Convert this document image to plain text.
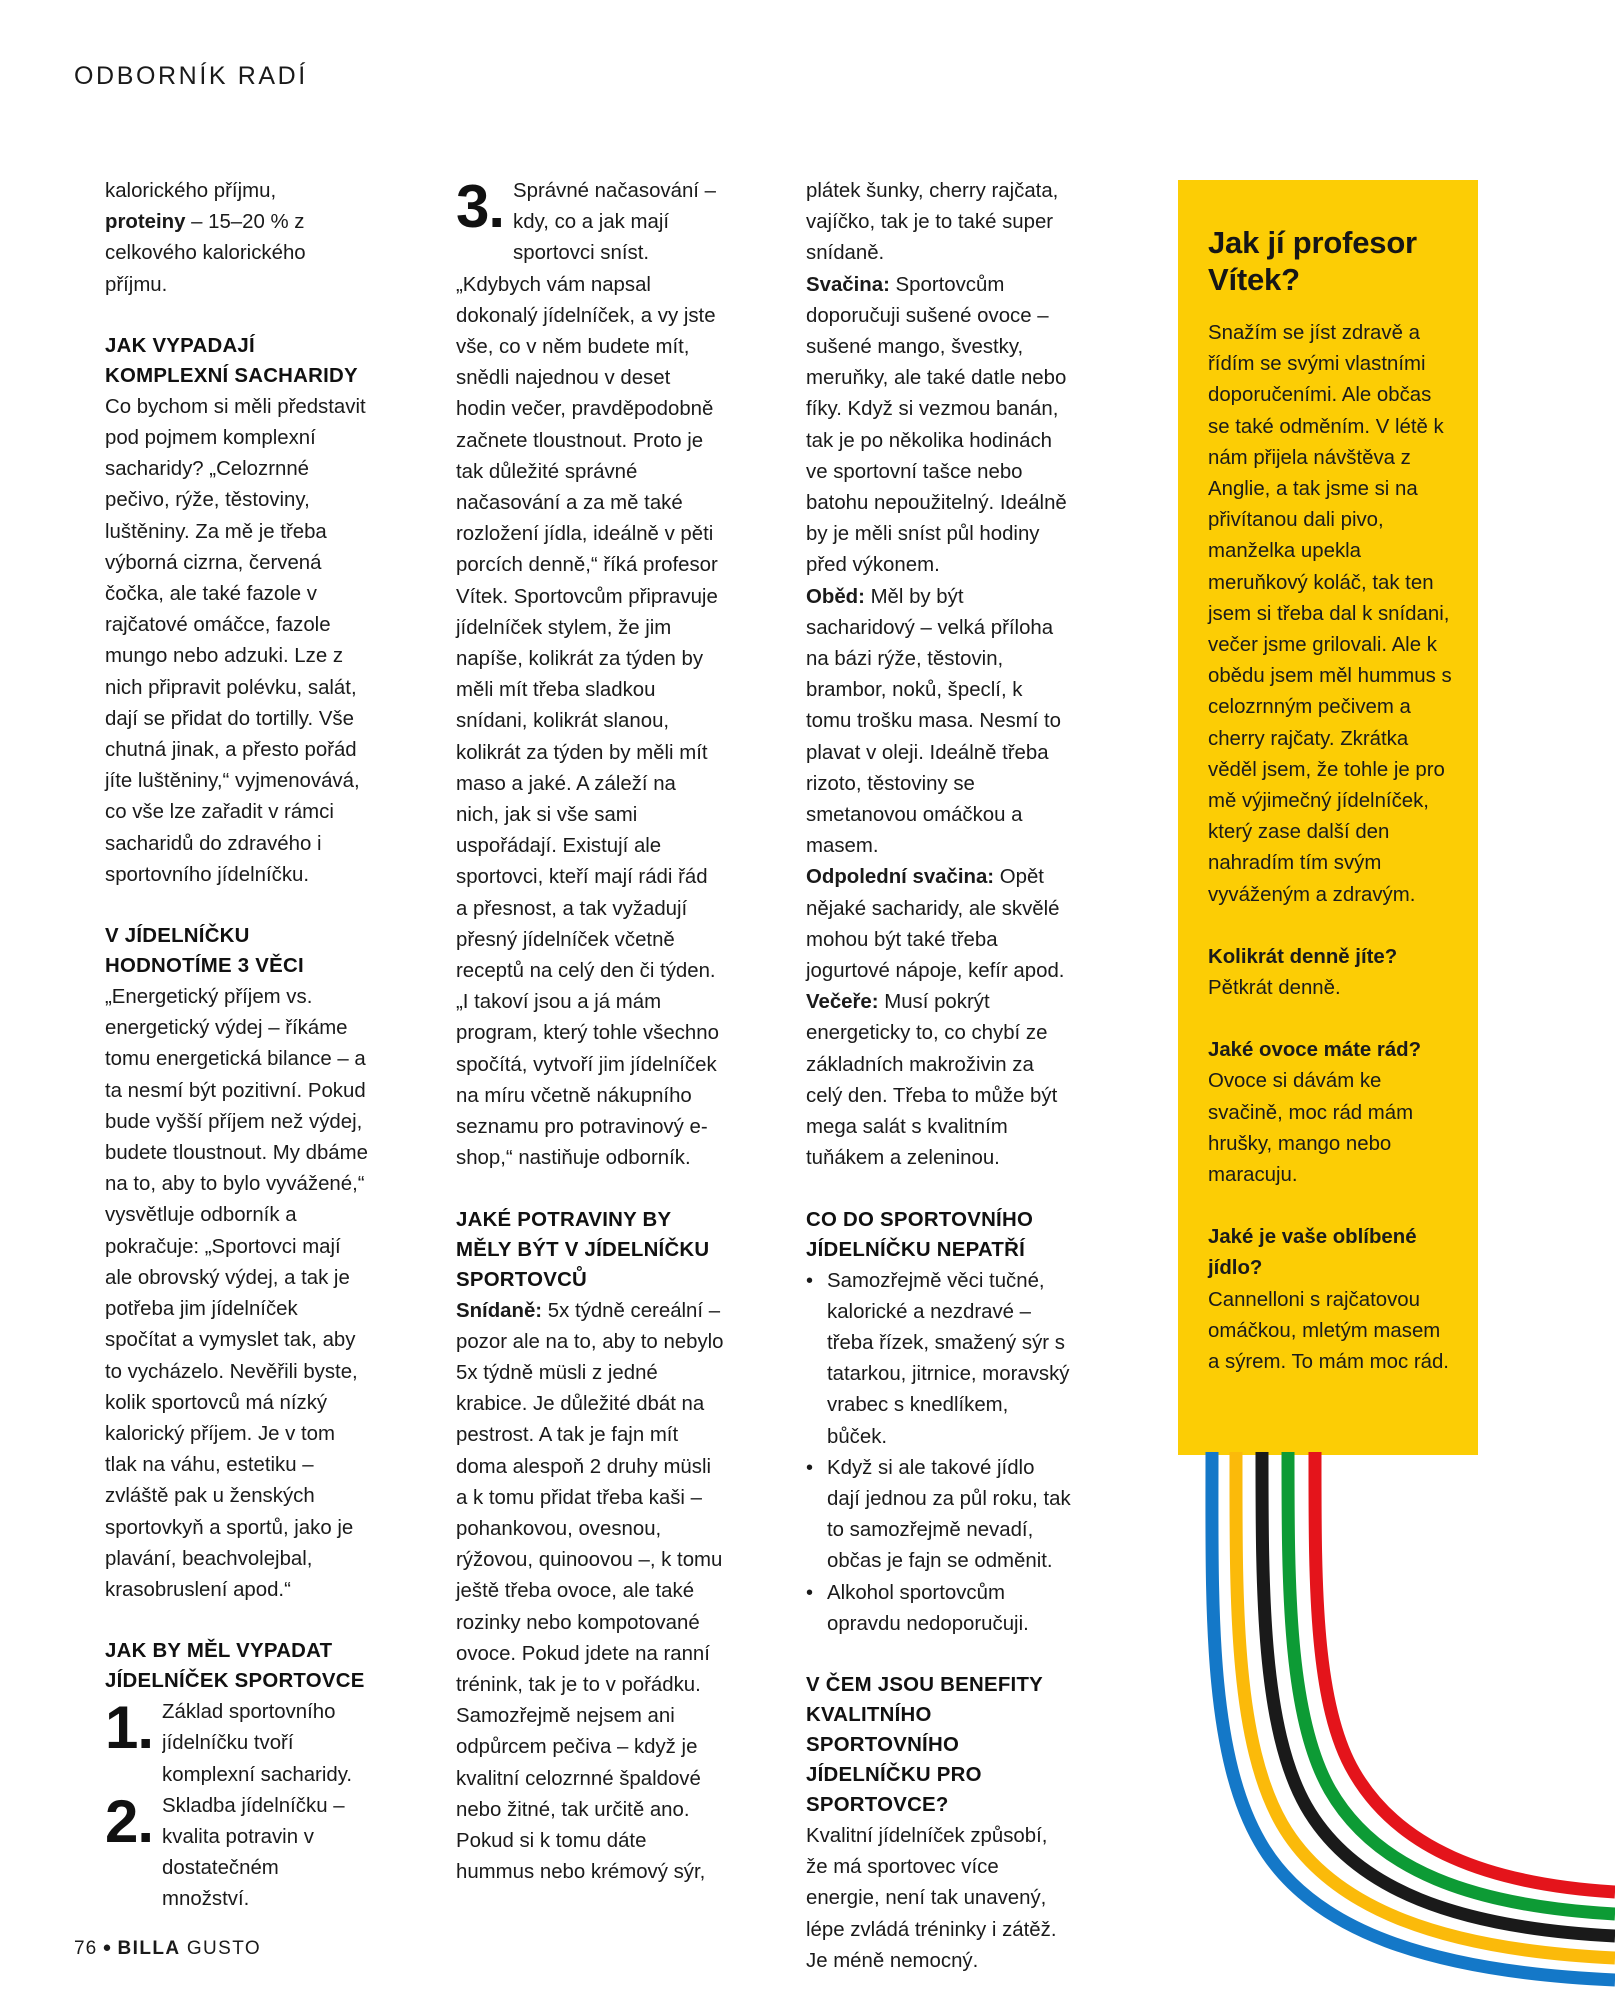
ODBORNÍK RADÍ

kalorického příjmu,
proteiny – 15–20 % z celkového kalorického příjmu.

JAK VYPADAJÍ
KOMPLEXNÍ SACHARIDY

Co bychom si měli představit pod pojmem komplexní sacharidy? „Celozrnné pečivo, rýže, těstoviny, luštěniny. Za mě je třeba výborná cizrna, červená čočka, ale také fazole v rajčatové omáčce, fazole mungo nebo adzuki. Lze z nich připravit polévku, salát, dají se přidat do tortilly. Vše chutná jinak, a přesto pořád jíte luštěniny,“ vyjmenovává, co vše lze zařadit v rámci sacharidů do zdravého i sportovního jídelníčku.

V JÍDELNÍČKU
HODNOTÍME 3 VĚCI

„Energetický příjem vs. energetický výdej – říkáme tomu energetická bilance – a ta nesmí být pozitivní. Pokud bude vyšší příjem než výdej, budete tloustnout. My dbáme na to, aby to bylo vyvážené,“ vysvětluje odborník a pokračuje: „Sportovci mají ale obrovský výdej, a tak je potřeba jim jídelníček spočítat a vymyslet tak, aby to vycházelo. Nevěřili byste, kolik sportovců má nízký kalorický příjem. Je v tom tlak na váhu, estetiku – zvláště pak u ženských sportovkyň a sportů, jako je plavání, beachvolejbal, krasobruslení apod.“

JAK BY MĚL VYPADAT
JÍDELNÍČEK SPORTOVCE
1. Základ sportovního jídelníčku tvoří komplexní sacharidy.

2. Skladba jídelníčku – kvalita potravin v dostatečném množství.

3. Správné načasování – kdy, co a jak mají sportovci sníst.

„Kdybych vám napsal dokonalý jídelníček, a vy jste vše, co v něm budete mít, snědli najednou v deset hodin večer, pravděpodobně začnete tloustnout. Proto je tak důležité správné načasování a za mě také rozložení jídla, ideálně v pěti porcích denně,“ říká profesor Vítek. Sportovcům připravuje jídelníček stylem, že jim napíše, kolikrát za týden by měli mít třeba sladkou snídani, kolikrát slanou, kolikrát za týden by měli mít maso a jaké. A záleží na nich, jak si vše sami uspořádají. Existují ale sportovci, kteří mají rádi řád a přesnost, a tak vyžadují přesný jídelníček včetně receptů na celý den či týden. „I takoví jsou a já mám program, který tohle všechno spočítá, vytvoří jim jídelníček na míru včetně nákupního seznamu pro potravinový e-shop,“ nastiňuje odborník.

JAKÉ POTRAVINY BY
MĚLY BÝT V JÍDELNÍČKU
SPORTOVCŮ

Snídaně: 5x týdně cereální – pozor ale na to, aby to nebylo 5x týdně müsli z jedné krabice. Je důležité dbát na pestrost. A tak je fajn mít doma alespoň 2 druhy müsli a k tomu přidat třeba kaši – pohankovou, ovesnou, rýžovou, quinoovou –, k tomu ještě třeba ovoce, ale také rozinky nebo kompotované ovoce. Pokud jdete na ranní trénink, tak je to v pořádku. Samozřejmě nejsem ani odpůrcem pečiva – když je kvalitní celozrnné špaldové nebo žitné, tak určitě ano. Pokud si k tomu dáte hummus nebo krémový sýr,

plátek šunky, cherry rajčata, vajíčko, tak je to také super snídaně.

Svačina: Sportovcům doporučuji sušené ovoce – sušené mango, švestky, meruňky, ale také datle nebo fíky. Když si vezmou banán, tak je po několika hodinách ve sportovní tašce nebo batohu nepoužitelný. Ideálně by je měli sníst půl hodiny před výkonem.

Oběd: Měl by být sacharidový – velká příloha na bázi rýže, těstovin, brambor, noků, špeclí, k tomu trošku masa. Nesmí to plavat v oleji. Ideálně třeba rizoto, těstoviny se smetanovou omáčkou a masem.

Odpolední svačina: Opět nějaké sacharidy, ale skvělé mohou být také třeba jogurtové nápoje, kefír apod.

Večeře: Musí pokrýt energeticky to, co chybí ze základních makroživin za celý den. Třeba to může být mega salát s kvalitním tuňákem a zeleninou.

CO DO SPORTOVNÍHO
JÍDELNÍČKU NEPATŘÍ
• Samozřejmě věci tučné, kalorické a nezdravé – třeba řízek, smažený sýr s tatarkou, jitrnice, moravský vrabec s knedlíkem, bůček.
• Když si ale takové jídlo dají jednou za půl roku, tak to samozřejmě nevadí, občas je fajn se odměnit.
• Alkohol sportovcům opravdu nedoporučuji.
V ČEM JSOU BENEFITY
KVALITNÍHO
SPORTOVNÍHO
JÍDELNÍČKU PRO
SPORTOVCE?

Kvalitní jídelníček způsobí, že má sportovec více energie, není tak unavený, lépe zvládá tréninky i zátěž. Je méně nemocný.

Jak jí profesor
Vítek?

Snažím se jíst zdravě a řídím se svými vlastními doporučeními. Ale občas se také odměním. V létě k nám přijela návštěva z Anglie, a tak jsme si na přivítanou dali pivo, manželka upekla meruňkový koláč, tak ten jsem si třeba dal k snídani, večer jsme grilovali. Ale k obědu jsem měl hummus s celozrnným pečivem a cherry rajčaty. Zkrátka věděl jsem, že tohle je pro mě výjimečný jídelníček, který zase další den nahradím tím svým vyváženým a zdravým.

Kolikrát denně jíte?

Pětkrát denně.

Jaké ovoce máte rád?

Ovoce si dávám ke svačině, moc rád mám hrušky, mango nebo maracuju.

Jaké je vaše oblíbené jídlo?

Cannelloni s rajčatovou omáčkou, mletým masem a sýrem. To mám moc rád.

76 ● BILLA GUSTO
